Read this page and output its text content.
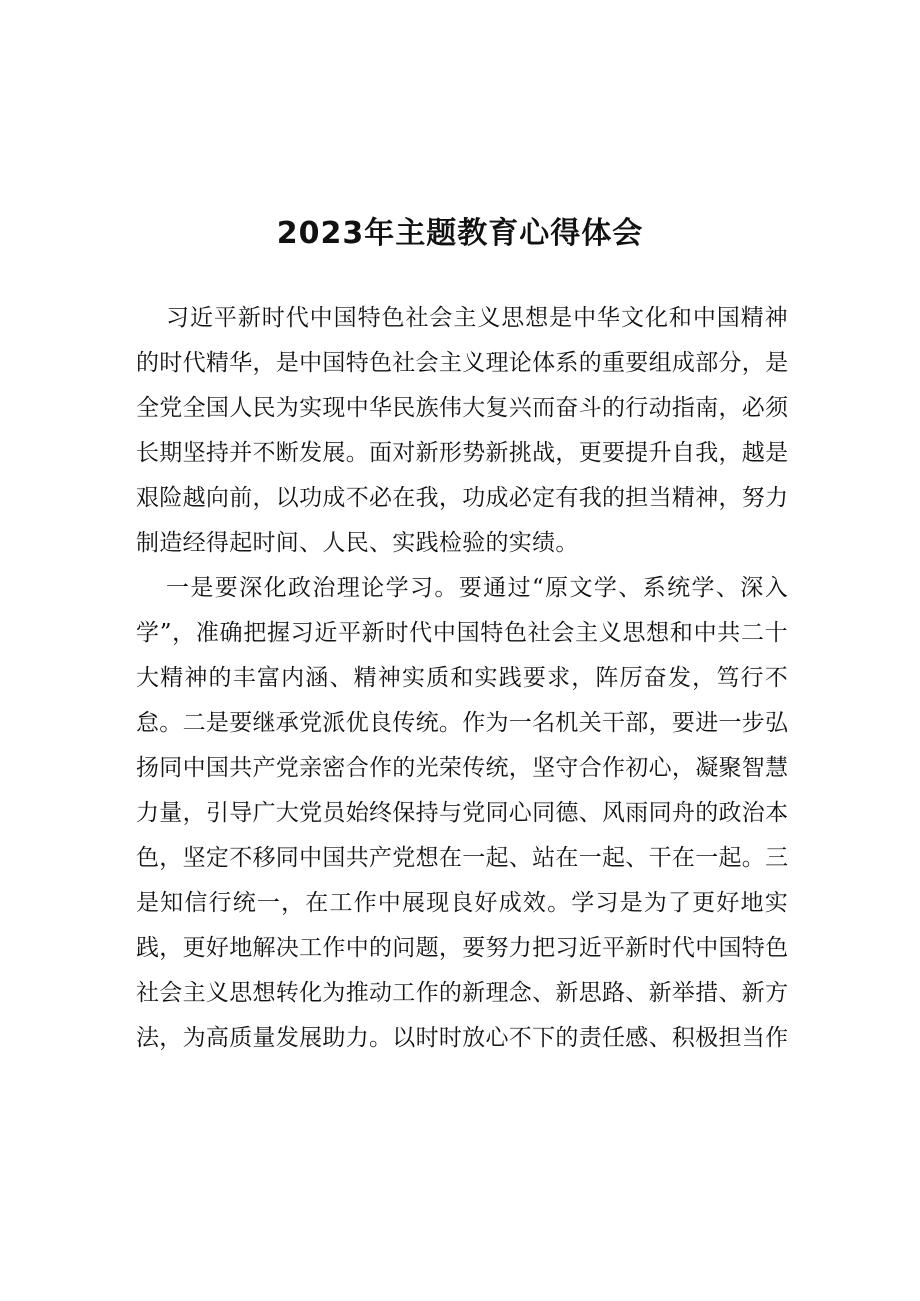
2023年主题教育心得体会
习近平新时代中国特色社会主义思想是中华文化和中国精神
的时代精华，是中国特色社会主义理论体系的重要组成部分，是
全党全国人民为实现中华民族伟大复兴而奋斗的行动指南，必须
长期坚持并不断发展。面对新形势新挑战，更要提升自我，越是
艰险越向前，以功成不必在我，功成必定有我的担当精神，努力
制造经得起时间、人民、实践检验的实绩。
一是要深化政治理论学习。要通过“原文学、系统学、深入
学”，准确把握习近平新时代中国特色社会主义思想和中共二十
大精神的丰富内涵、精神实质和实践要求，阵厉奋发，笃行不
怠。二是要继承党派优良传统。作为一名机关干部，要进一步弘
扬同中国共产党亲密合作的光荣传统，坚守合作初心，凝聚智慧
力量，引导广大党员始终保持与党同心同德、风雨同舟的政治本
色，坚定不移同中国共产党想在一起、站在一起、干在一起。三
是知信行统一，在工作中展现良好成效。学习是为了更好地实
践，更好地解决工作中的问题，要努力把习近平新时代中国特色
社会主义思想转化为推动工作的新理念、新思路、新举措、新方
法，为高质量发展助力。以时时放心不下的责任感、积极担当作
